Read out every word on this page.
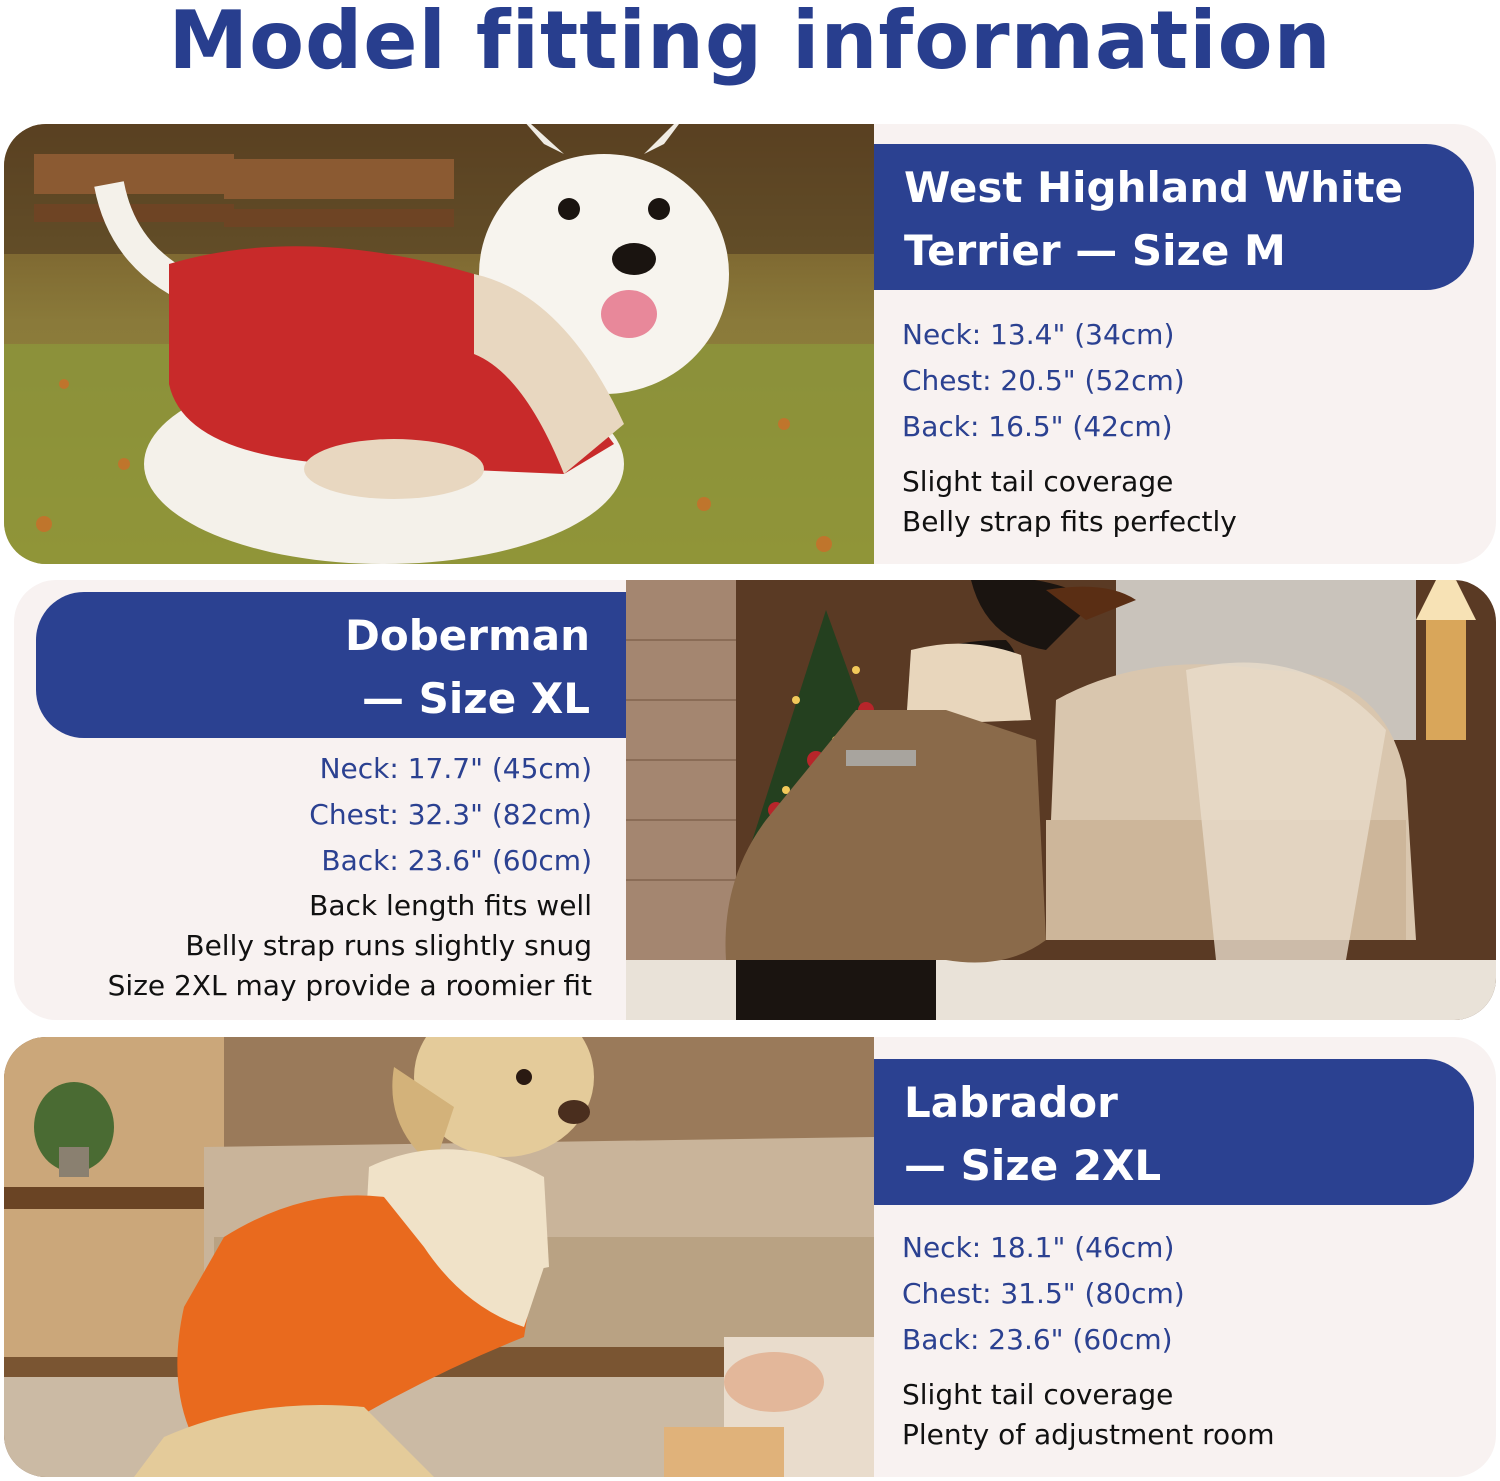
Model fitting information
West Highland White
Terrier — Size M
Neck: 13.4" (34cm)
Chest: 20.5" (52cm)
Back: 16.5" (42cm)
Slight tail coverage
Belly strap fits perfectly
Doberman
— Size XL
Neck: 17.7" (45cm)
Chest: 32.3" (82cm)
Back: 23.6" (60cm)
Back length fits well
Belly strap runs slightly snug
Size 2XL may provide a roomier fit
Labrador
— Size 2XL
Neck: 18.1" (46cm)
Chest: 31.5" (80cm)
Back: 23.6" (60cm)
Slight tail coverage
Plenty of adjustment room
